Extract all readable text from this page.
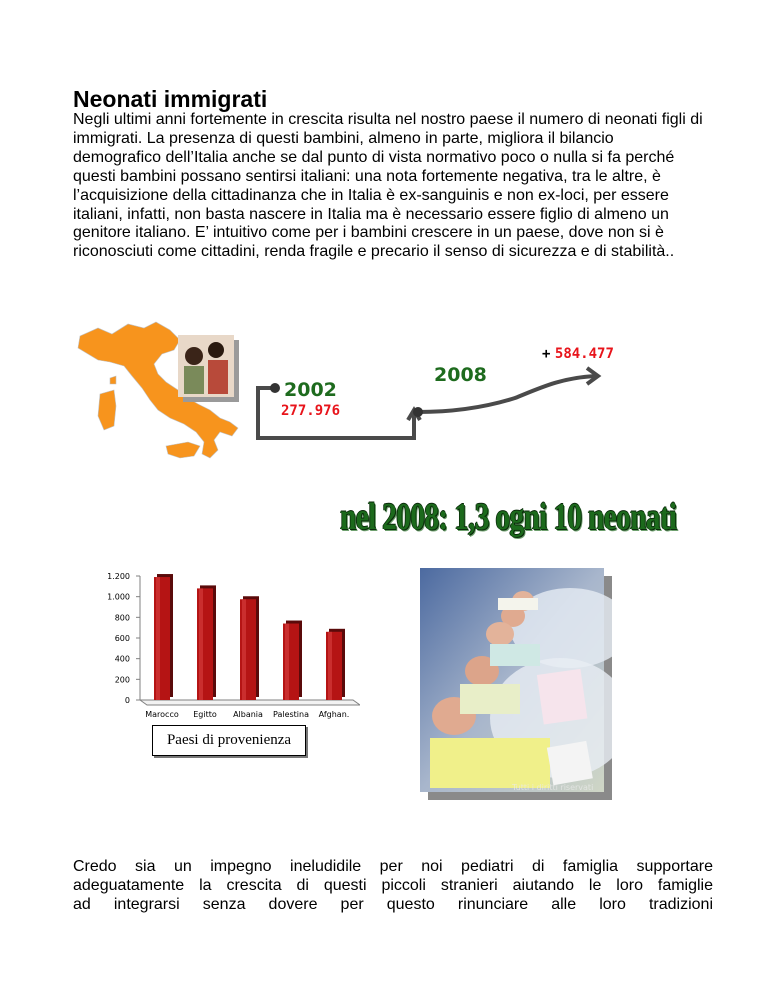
Neonati immigrati
Negli ultimi anni fortemente in crescita risulta nel nostro paese il numero di neonati figli di immigrati. La presenza di questi bambini, almeno in parte, migliora il bilancio demografico dell’Italia anche se dal punto di vista normativo poco o nulla si fa perché questi bambini possano sentirsi italiani: una nota fortemente negativa, tra le altre, è l’acquisizione della cittadinanza che in Italia è ex-sanguinis e non ex-loci, per essere italiani, infatti, non basta nascere in Italia ma è necessario essere figlio di almeno un genitore italiano. E’ intuitivo come per i bambini crescere in un paese, dove non si è riconosciuti come cittadini, renda fragile e precario il senso di sicurezza e di stabilità..
2002
277.976
2008
+ 584.477
nel 2008: 1,3 ogni 10 neonati
0
200
400
600
800
1.000
1.200
Marocco Egitto Albania Palestina Afghan.
Paesi di provenienza
Tutti i diritti riservati

Credo sia un impegno ineludidile per noi pediatri di famiglia supportare

adeguatamente la crescita di questi piccoli stranieri aiutando le loro famiglie

ad integrarsi senza dovere per questo rinunciare alle loro tradizioni
